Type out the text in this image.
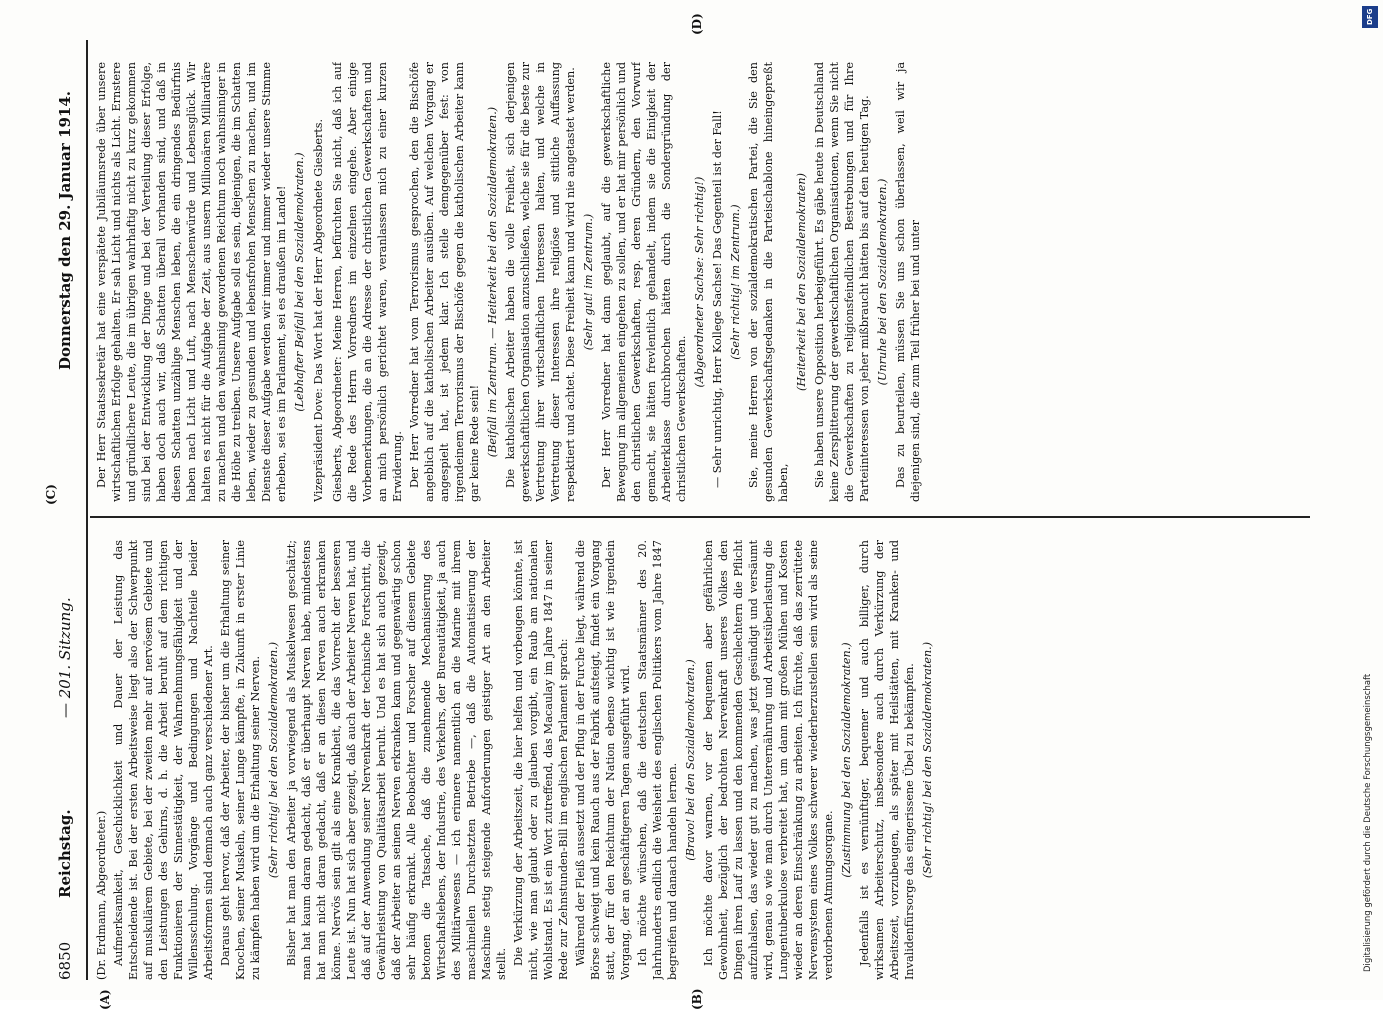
6850
Reichstag.
— 201. Sitzung.
Donnerstag den 29. Januar 1914.
(A)	(B)
(C)
(D)

(Dr. Erdmann, Abgeordneter.) Aufmerksamkeit, Geschicklichkeit und Dauer der Leistung das Entscheidende ist. Bei der ersten Arbeitsweise liegt also der Schwerpunkt auf muskulärem Gebiete, bei der zweiten mehr auf nervösem Gebiete und den Leistungen des Gehirns, d. h. die Arbeit beruht auf dem richtigen Funktionieren der Sinnestätigkeit, der Wahrnehmungsfähigkeit und der Willensschulung. Vorgänge und Bedingungen und Nachteile beider Arbeitsformen sind demnach auch ganz verschiedener Art. Daraus geht hervor, daß der Arbeiter, der bisher um die Erhaltung seiner Knochen, seiner Muskeln, seiner Lunge kämpfte, in Zukunft in erster Linie zu kämpfen haben wird um die Erhaltung seiner Nerven. (Sehr richtig! bei den Sozialdemokraten.) Bisher hat man den Arbeiter ja vorwiegend als Muskelwesen geschätzt; man hat kaum daran gedacht, daß er überhaupt Nerven habe, mindestens hat man nicht daran gedacht, daß er an diesen Nerven auch erkranken könne. Nervös sein gilt als eine Krankheit, die das Vorrecht der besseren Leute ist. Nun hat sich aber gezeigt, daß auch der Arbeiter Nerven hat, und daß auf der Anwendung seiner Nervenkraft der technische Fortschritt, die Gewährleistung von Qualitätsarbeit beruht. Und es hat sich auch gezeigt, daß der Arbeiter an seinen Nerven erkranken kann und gegenwärtig schon sehr häufig erkrankt. Alle Beobachter und Forscher auf diesem Gebiete betonen die Tatsache, daß die zunehmende Mechanisierung des Wirtschaftslebens, der Industrie, des Verkehrs, der Bureautätigkeit, ja auch des Militärwesens — ich erinnere namentlich an die Marine mit ihrem maschinellen Durchsetzten Betriebe —, daß die Automatisierung der Maschine stetig steigende Anforderungen geistiger Art an den Arbeiter stellt. Die Verkürzung der Arbeitszeit, die hier helfen und vorbeugen könnte, ist nicht, wie man glaubt oder zu glauben vorgibt, ein Raub am nationalen Wohlstand. Es ist ein Wort zutreffend, das Macaulay im Jahre 1847 in seiner Rede zur Zehnstunden-Bill im englischen Parlament sprach: Während der Fleiß aussetzt und der Pflug in der Furche liegt, während die Börse schweigt und kein Rauch aus der Fabrik aufsteigt, findet ein Vorgang statt, der für den Reichtum der Nation ebenso wichtig ist wie irgendein Vorgang, der an geschäftigeren Tagen ausgeführt wird. Ich möchte wünschen, daß die deutschen Staatsmänner des 20. Jahrhunderts endlich die Weisheit des englischen Politikers vom Jahre 1847 begreifen und danach handeln lernen.

(Bravo! bei den Sozialdemokraten.) Ich möchte davor warnen, vor der bequemen aber gefährlichen Gewohnheit, bezüglich der bedrohten Nervenkraft unseres Volkes den Dingen ihren Lauf zu lassen und den kommenden Geschlechtern die Pflicht aufzuhalsen, das wieder gut zu machen, was jetzt gesündigt und versäumt wird, genau so wie man durch Unterernährung und Arbeitsüberlastung die Lungentuberkulose verbreitet hat, um dann mit großen Mühen und Kosten wieder an deren Einschränkung zu arbeiten. Ich fürchte, daß das zerrüttete Nervensystem eines Volkes schwerer wiederherzustellen sein wird als seine verdorbenen Atmungsorgane.

(Zustimmung bei den Sozialdemokraten.) Jedenfalls ist es vernünftiger, bequemer und auch billiger, durch wirksamen Arbeiterschutz, insbesondere auch durch Verkürzung der Arbeitszeit, vorzubeugen, als später mit Heilstätten, mit Kranken- und Invalidenfürsorge das eingerissene Übel zu bekämpfen. (Sehr richtig! bei den Sozialdemokraten.)

Der Herr Staatssekretär hat eine verspätete Jubiläumsrede über unsere wirtschaftlichen Erfolge gehalten. Er sah Licht und nichts als Licht. Ernstere und gründlichere Leute, die im übrigen wahrhaftig nicht zu kurz gekommen sind bei der Entwicklung der Dinge und bei der Verteilung dieser Erfolge, haben doch auch wir, daß Schatten überall vorhanden sind, und daß in diesen Schatten unzählige Menschen leben, die ein dringendes Bedürfnis haben nach Licht und Luft, nach Menschenwürde und Lebensglück. Wir halten es nicht für die Aufgabe der Zeit, aus unsern Millionären Milliardäre zu machen und den wahnsinnig gewordenen Reichtum noch wahnsinniger in die Höhe zu treiben. Unsere Aufgabe soll es sein, diejenigen, die im Schatten leben, wieder zu gesunden und lebensfrohen Menschen zu machen, und im Dienste dieser Aufgabe werden wir immer und immer wieder unsere Stimme erheben, sei es im Parlament, sei es draußen im Lande! (Lebhafter Beifall bei den Sozialdemokraten.) Vizepräsident Dove: Das Wort hat der Herr Abgeordnete Giesberts. Giesberts, Abgeordneter: Meine Herren, befürchten Sie nicht, daß ich auf die Rede des Herrn Vorredners im einzelnen eingehe. Aber einige Vorbemerkungen, die an die Adresse der christlichen Gewerkschaften und an mich persönlich gerichtet waren, veranlassen mich zu einer kurzen Erwiderung. Der Herr Vorredner hat vom Terrorismus gesprochen, den die Bischöfe angeblich auf die katholischen Arbeiter ausüben. Auf welchen Vorgang er angespielt hat, ist jedem klar. Ich stelle demgegenüber fest: von irgendeinem Terrorismus der Bischöfe gegen die katholischen Arbeiter kann gar keine Rede sein! (Beifall im Zentrum. — Heiterkeit bei den Sozialdemokraten.) Die katholischen Arbeiter haben die volle Freiheit, sich derjenigen gewerkschaftlichen Organisation anzuschließen, welche sie für die beste zur Vertretung ihrer wirtschaftlichen Interessen halten, und welche in Vertretung dieser Interessen ihre religiöse und sittliche Auffassung respektiert und achtet. Diese Freiheit kann und wird nie angetastet werden. (Sehr gut! im Zentrum.) Der Herr Vorredner hat dann geglaubt, auf die gewerkschaftliche Bewegung im allgemeinen eingehen zu sollen, und er hat mir persönlich und den christlichen Gewerkschaften, resp. deren Gründern, den Vorwurf gemacht, sie hätten frevlentlich gehandelt, indem sie die Einigkeit der Arbeiterklasse durchbrochen hätten durch die Sondergründung der christlichen Gewerkschaften.

(Abgeordneter Sachse: Sehr richtig!) — Sehr unrichtig, Herr Kollege Sachse! Das Gegenteil ist der Fall! (Sehr richtig! im Zentrum.) Sie, meine Herren von der sozialdemokratischen Partei, die Sie den gesunden Gewerkschaftsgedanken in die Parteischablone hineingepreßt haben,

(Heiterkeit bei den Sozialdemokraten) Sie haben unsere Opposition herbeigeführt. Es gäbe heute in Deutschland keine Zersplitterung der gewerkschaftlichen Organisationen, wenn Sie nicht die Gewerkschaften zu religionsfeindlichen Bestrebungen und für Ihre Parteiinteressen von jeher mißbraucht hätten bis auf den heutigen Tag. (Unruhe bei den Sozialdemokraten.) Das zu beurteilen, müssen Sie uns schon überlassen, weil wir ja diejenigen sind, die zum Teil früher bei und unter

DFG
Digitalisierung gefördert durch die Deutsche Forschungsgemeinschaft
